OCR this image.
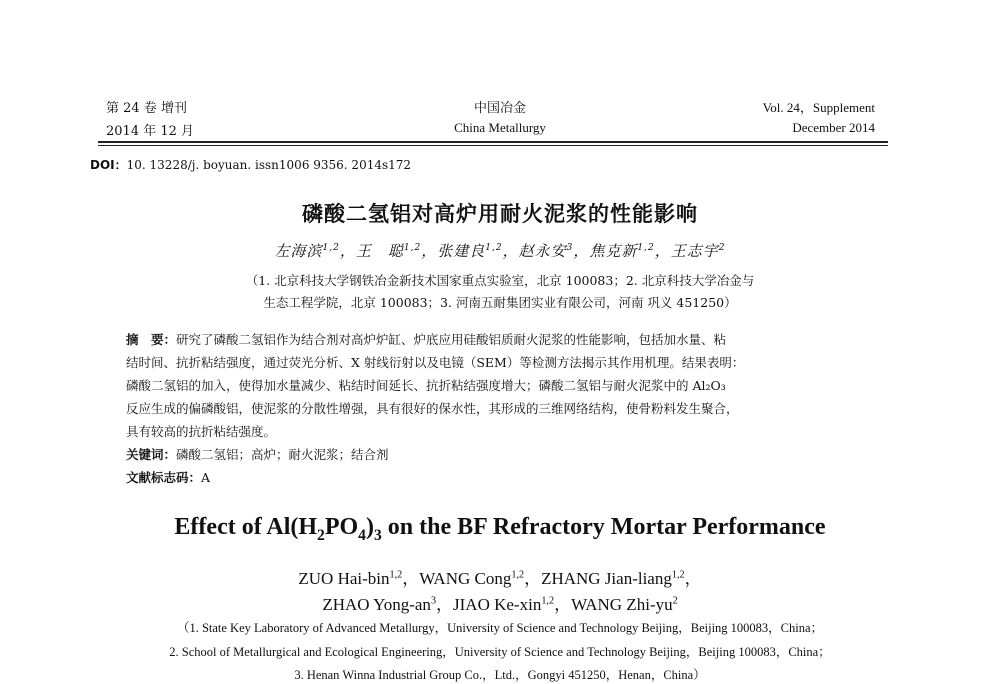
第 24 卷 增刊
2014 年 12 月
中国冶金
China Metallurgy
Vol. 24，Supplement
December 2014
DOI：10. 13228/j. boyuan. issn1006 9356. 2014s172
磷酸二氢铝对高炉用耐火泥浆的性能影响
左海滨$^{1,2}$，王　聪$^{1,2}$，张建良$^{1,2}$，赵永安$^3$，焦克新$^{1,2}$，王志宇$^2$
（1. 北京科技大学钢铁冶金新技术国家重点实验室，北京 100083；2. 北京科技大学冶金与
生态工程学院，北京 100083；3. 河南五耐集团实业有限公司，河南 巩义 451250）
摘　要：研究了磷酸二氢铝作为结合剂对高炉炉缸、炉底应用硅酸铝质耐火泥浆的性能影响，包括加水量、粘
结时间、抗折粘结强度，通过荧光分析、X 射线衍射以及电镜（SEM）等检测方法揭示其作用机理。结果表明：
磷酸二氢铝的加入，使得加水量减少、粘结时间延长、抗折粘结强度增大；磷酸二氢铝与耐火泥浆中的 Al₂O₃
反应生成的偏磷酸铝，使泥浆的分散性增强，具有很好的保水性，其形成的三维网络结构，使骨粉料发生聚合，
具有较高的抗折粘结强度。
关键词：磷酸二氢铝；高炉；耐火泥浆；结合剂
文献标志码：A
Effect of $Al(H_2PO_4)_3$ on the BF Refractory Mortar Performance
ZUO Hai-bin$^{1,2}$，WANG Cong$^{1,2}$，ZHANG Jian-liang$^{1,2}$，
ZHAO Yong-$an^3$，JIAO Ke-xin$^{1,2}$，WANG Zhi-$yu^2$
（1. State Key Laboratory of Advanced Metallurgy，University of Science and Technology Beijing，Beijing 100083，China；
2. School of Metallurgical and Ecological Engineering，University of Science and Technology Beijing，Beijing 100083，China；
3. Henan Winna Industrial Group Co.，Ltd.，Gongyi 451250，Henan，China）
